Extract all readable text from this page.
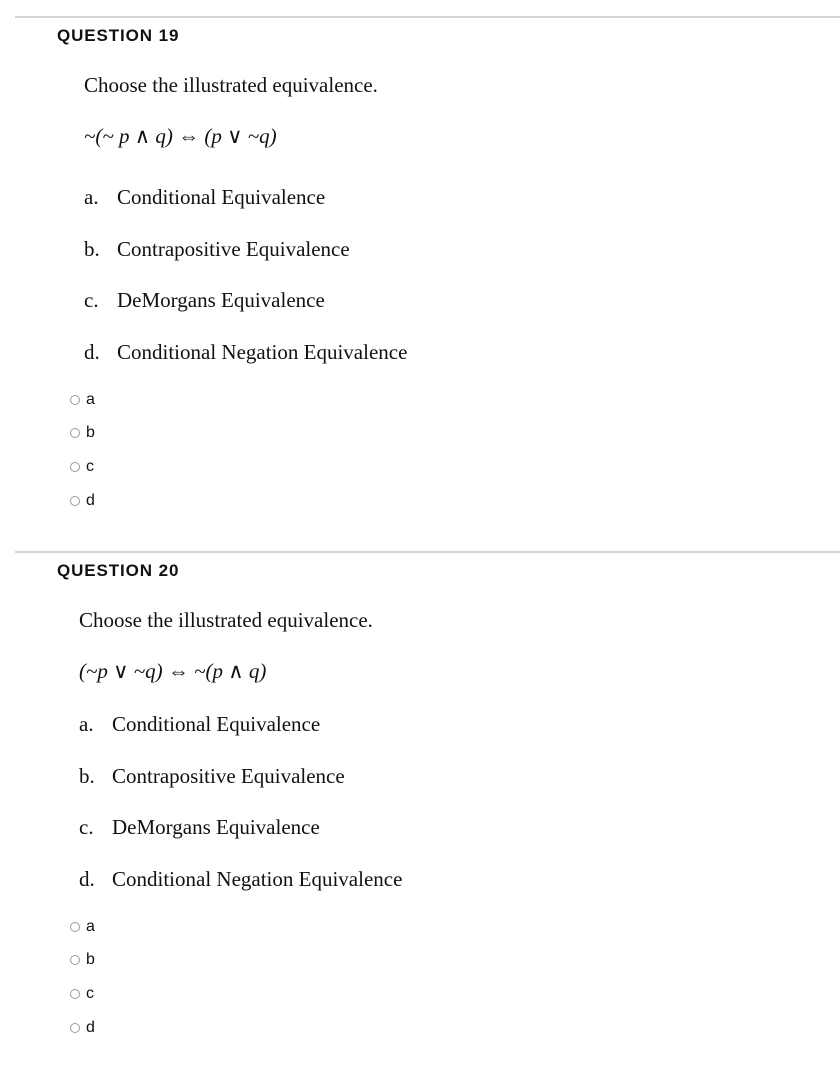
QUESTION 19
Choose the illustrated equivalence.
~(~ p ∧ q) ⇔ (p ∨ ~q)
a. Conditional Equivalence
b. Contrapositive Equivalence
c. DeMorgans Equivalence
d. Conditional Negation Equivalence
a
b
c
d
QUESTION 20
Choose the illustrated equivalence.
(~p ∨ ~q) ⇔ ~(p ∧ q)
a. Conditional Equivalence
b. Contrapositive Equivalence
c. DeMorgans Equivalence
d. Conditional Negation Equivalence
a
b
c
d
